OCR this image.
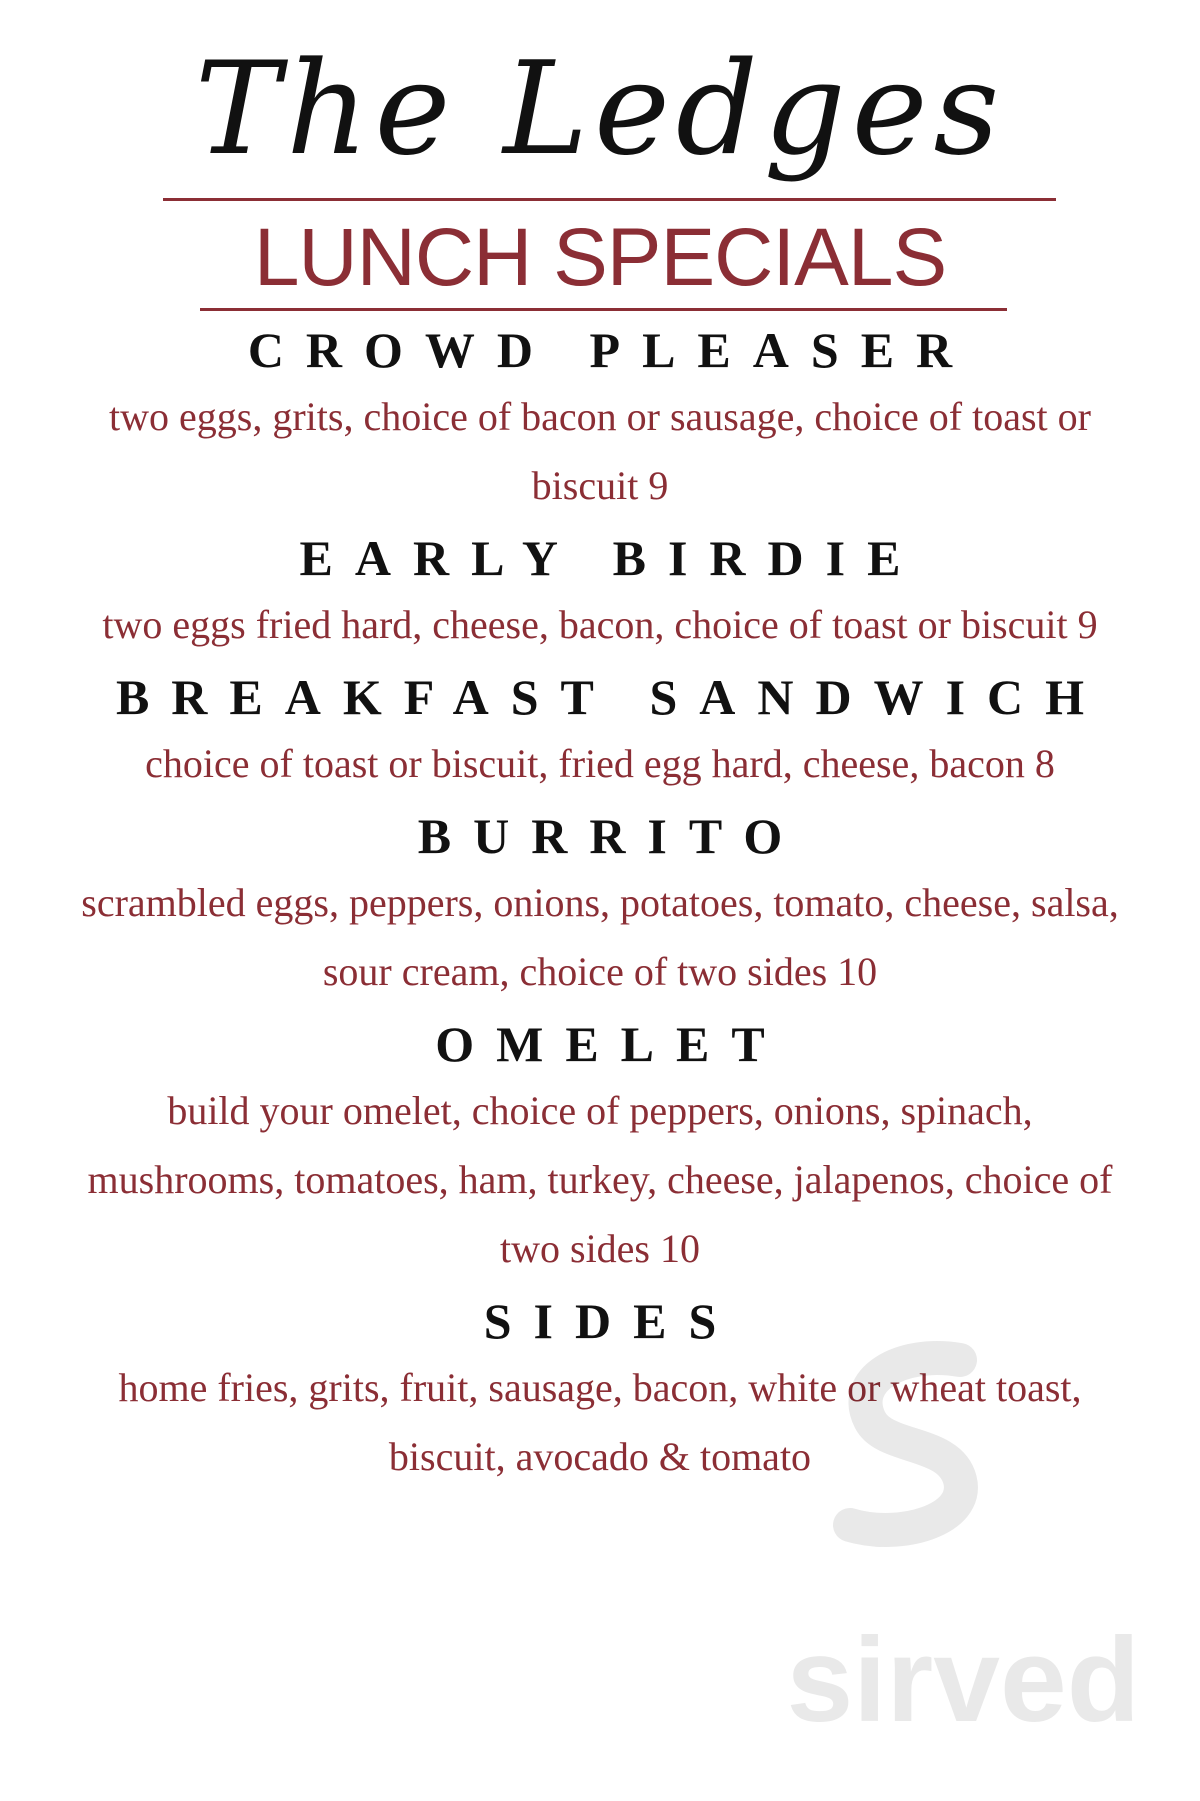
The Ledges
LUNCH SPECIALS
CROWD PLEASER

two eggs, grits, choice of bacon or sausage, choice of toast or biscuit 9

EARLY BIRDIE

two eggs fried hard, cheese, bacon, choice of toast or biscuit 9

BREAKFAST SANDWICH

choice of toast or biscuit, fried egg hard, cheese, bacon 8

BURRITO

scrambled eggs, peppers, onions, potatoes, tomato, cheese, salsa, sour cream, choice of two sides 10

OMELET

build your omelet, choice of peppers, onions, spinach, mushrooms, tomatoes, ham, turkey, cheese, jalapenos, choice of two sides 10

SIDES

home fries, grits, fruit, sausage, bacon, white or wheat toast, biscuit, avocado & tomato

sirved
